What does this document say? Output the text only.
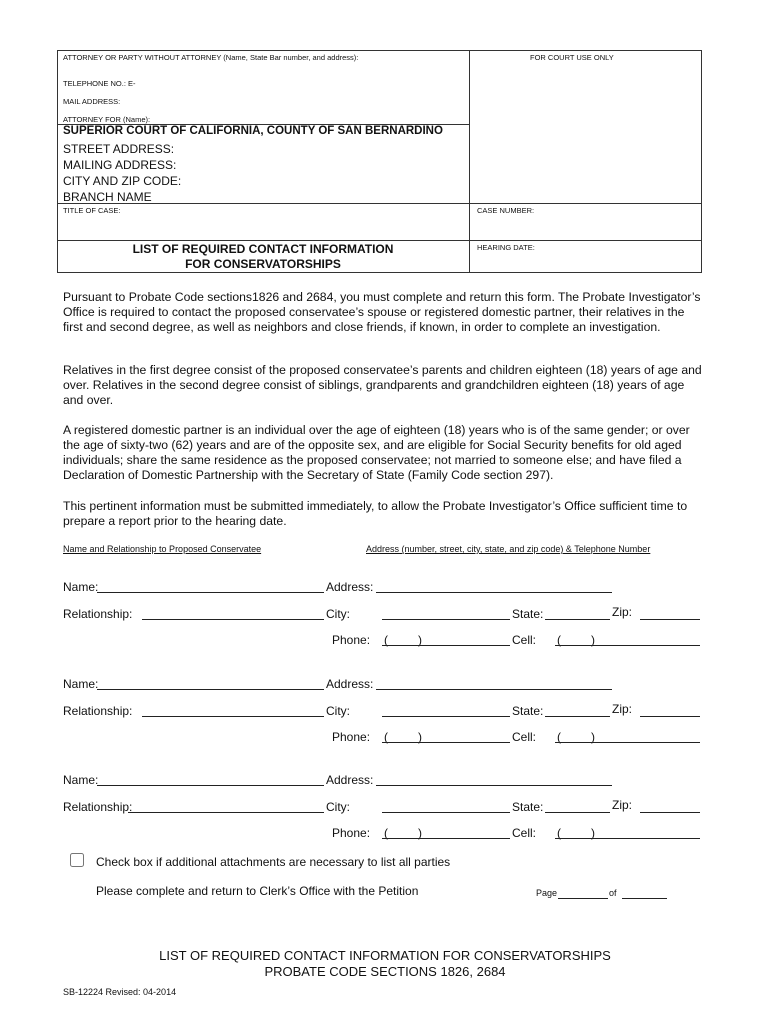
ATTORNEY OR PARTY WITHOUT ATTORNEY (Name, State Bar number, and address):	FOR COURT USE ONLY
TELEPHONE NO.: E-
MAIL ADDRESS:
ATTORNEY FOR (Name):
SUPERIOR COURT OF CALIFORNIA, COUNTY OF SAN BERNARDINO
STREET ADDRESS:
MAILING ADDRESS:
CITY AND ZIP CODE:
BRANCH NAME
TITLE OF CASE:	CASE NUMBER:
LIST OF REQUIRED CONTACT INFORMATION
FOR CONSERVATORSHIPS
HEARING DATE:
Pursuant to Probate Code sections1826 and 2684, you must complete and return this form. The Probate Investigator’s Office is required to contact the proposed conservatee’s spouse or registered domestic partner, their relatives in the first and second degree, as well as neighbors and close friends, if known, in order to complete an investigation.
Relatives in the first degree consist of the proposed conservatee’s parents and children eighteen (18) years of age and over. Relatives in the second degree consist of siblings, grandparents and grandchildren eighteen (18) years of age and over.
A registered domestic partner is an individual over the age of eighteen (18) years who is of the same gender; or over the age of sixty-two (62) years and are of the opposite sex, and are eligible for Social Security benefits for old aged individuals; share the same residence as the proposed conservatee; not married to someone else; and have filed a Declaration of Domestic Partnership with the Secretary of State (Family Code section 297).
This pertinent information must be submitted immediately, to allow the Probate Investigator’s Office sufficient time to prepare a report prior to the hearing date.
Name and Relationship to Proposed Conservatee	Address (number, street, city, state, and zip code) & Telephone Number
Name:	Address:
Relationship:	City:	State:	Zip:
Phone: (	)	Cell: (	)
Name:	Address:
Relationship:	City:	State:	Zip:
Phone: (	)	Cell: (	)
Name:	Address:
Relationship:	City:	State:	Zip:
Phone: (	)	Cell: (	)
Check box if additional attachments are necessary to list all parties
Please complete and return to Clerk’s Office with the Petition	Page	of
LIST OF REQUIRED CONTACT INFORMATION FOR CONSERVATORSHIPS
PROBATE CODE SECTIONS 1826, 2684
SB-12224 Revised: 04-2014
